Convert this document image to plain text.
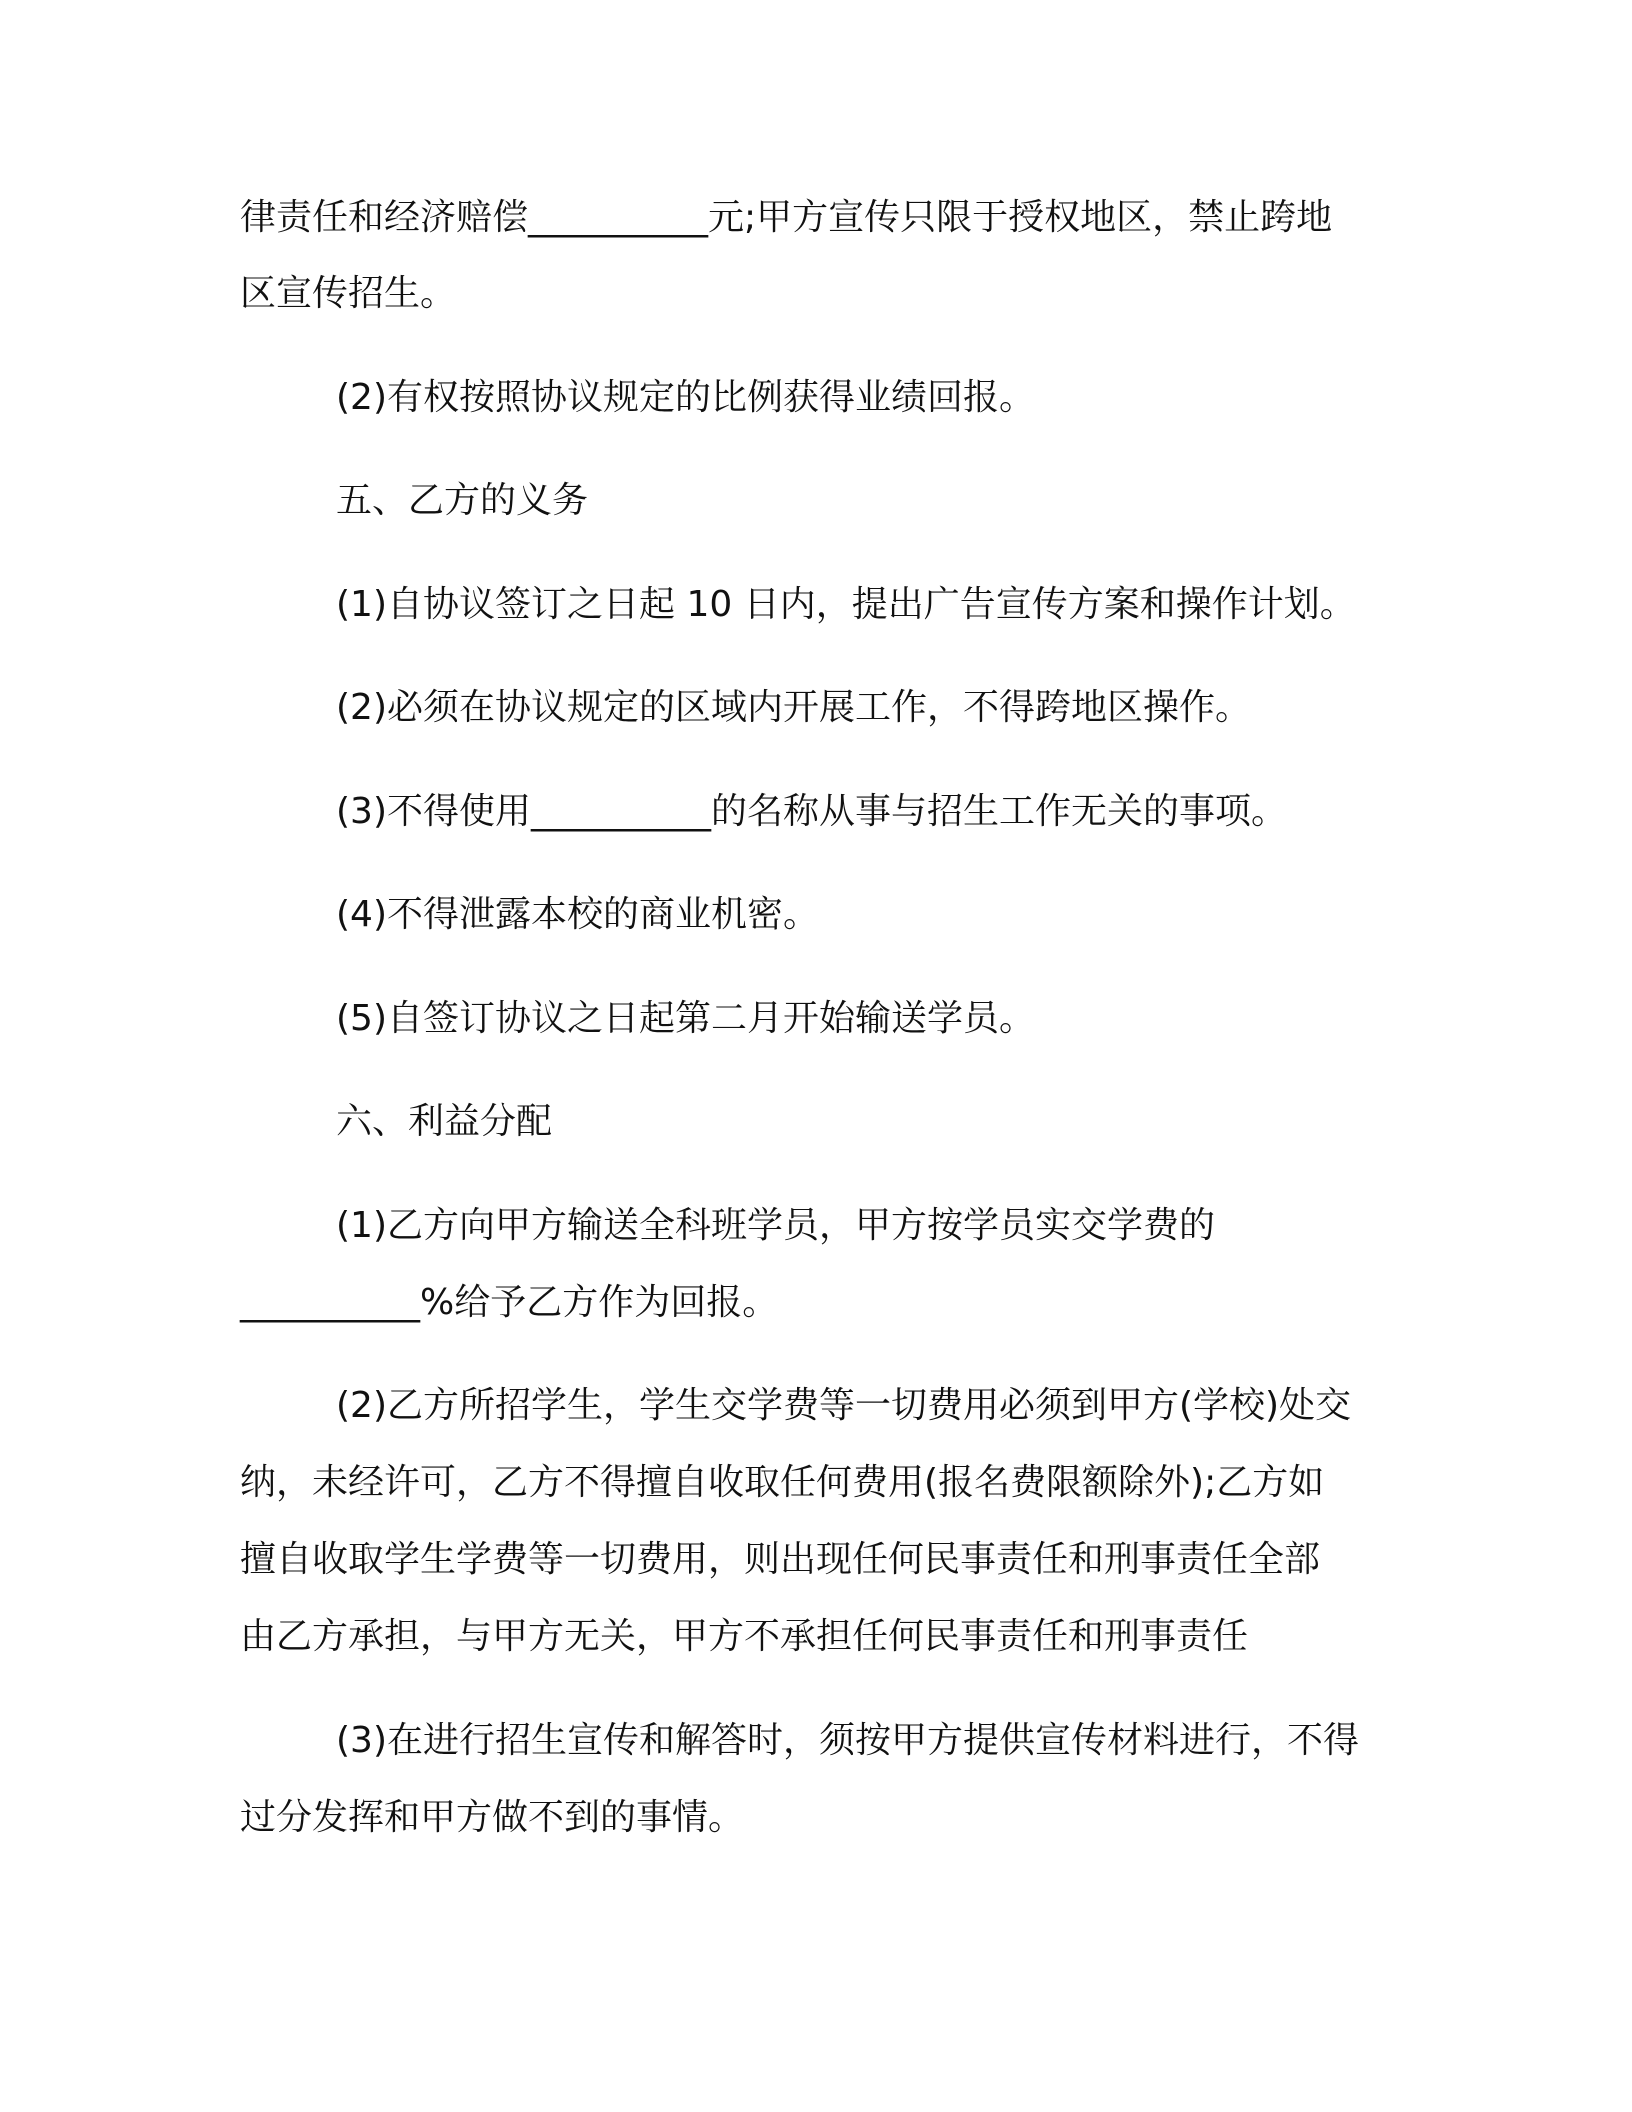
律责任和经济赔偿__________元;甲方宣传只限于授权地区，禁止跨地
区宣传招生。
(2)有权按照协议规定的比例获得业绩回报。
五、乙方的义务
(1)自协议签订之日起 10 日内，提出广告宣传方案和操作计划。
(2)必须在协议规定的区域内开展工作，不得跨地区操作。
(3)不得使用__________的名称从事与招生工作无关的事项。
(4)不得泄露本校的商业机密。
(5)自签订协议之日起第二月开始输送学员。
六、利益分配
(1)乙方向甲方输送全科班学员，甲方按学员实交学费的
__________%给予乙方作为回报。
(2)乙方所招学生，学生交学费等一切费用必须到甲方(学校)处交
纳，未经许可，乙方不得擅自收取任何费用(报名费限额除外);乙方如
擅自收取学生学费等一切费用，则出现任何民事责任和刑事责任全部
由乙方承担，与甲方无关，甲方不承担任何民事责任和刑事责任
(3)在进行招生宣传和解答时，须按甲方提供宣传材料进行，不得
过分发挥和甲方做不到的事情。
